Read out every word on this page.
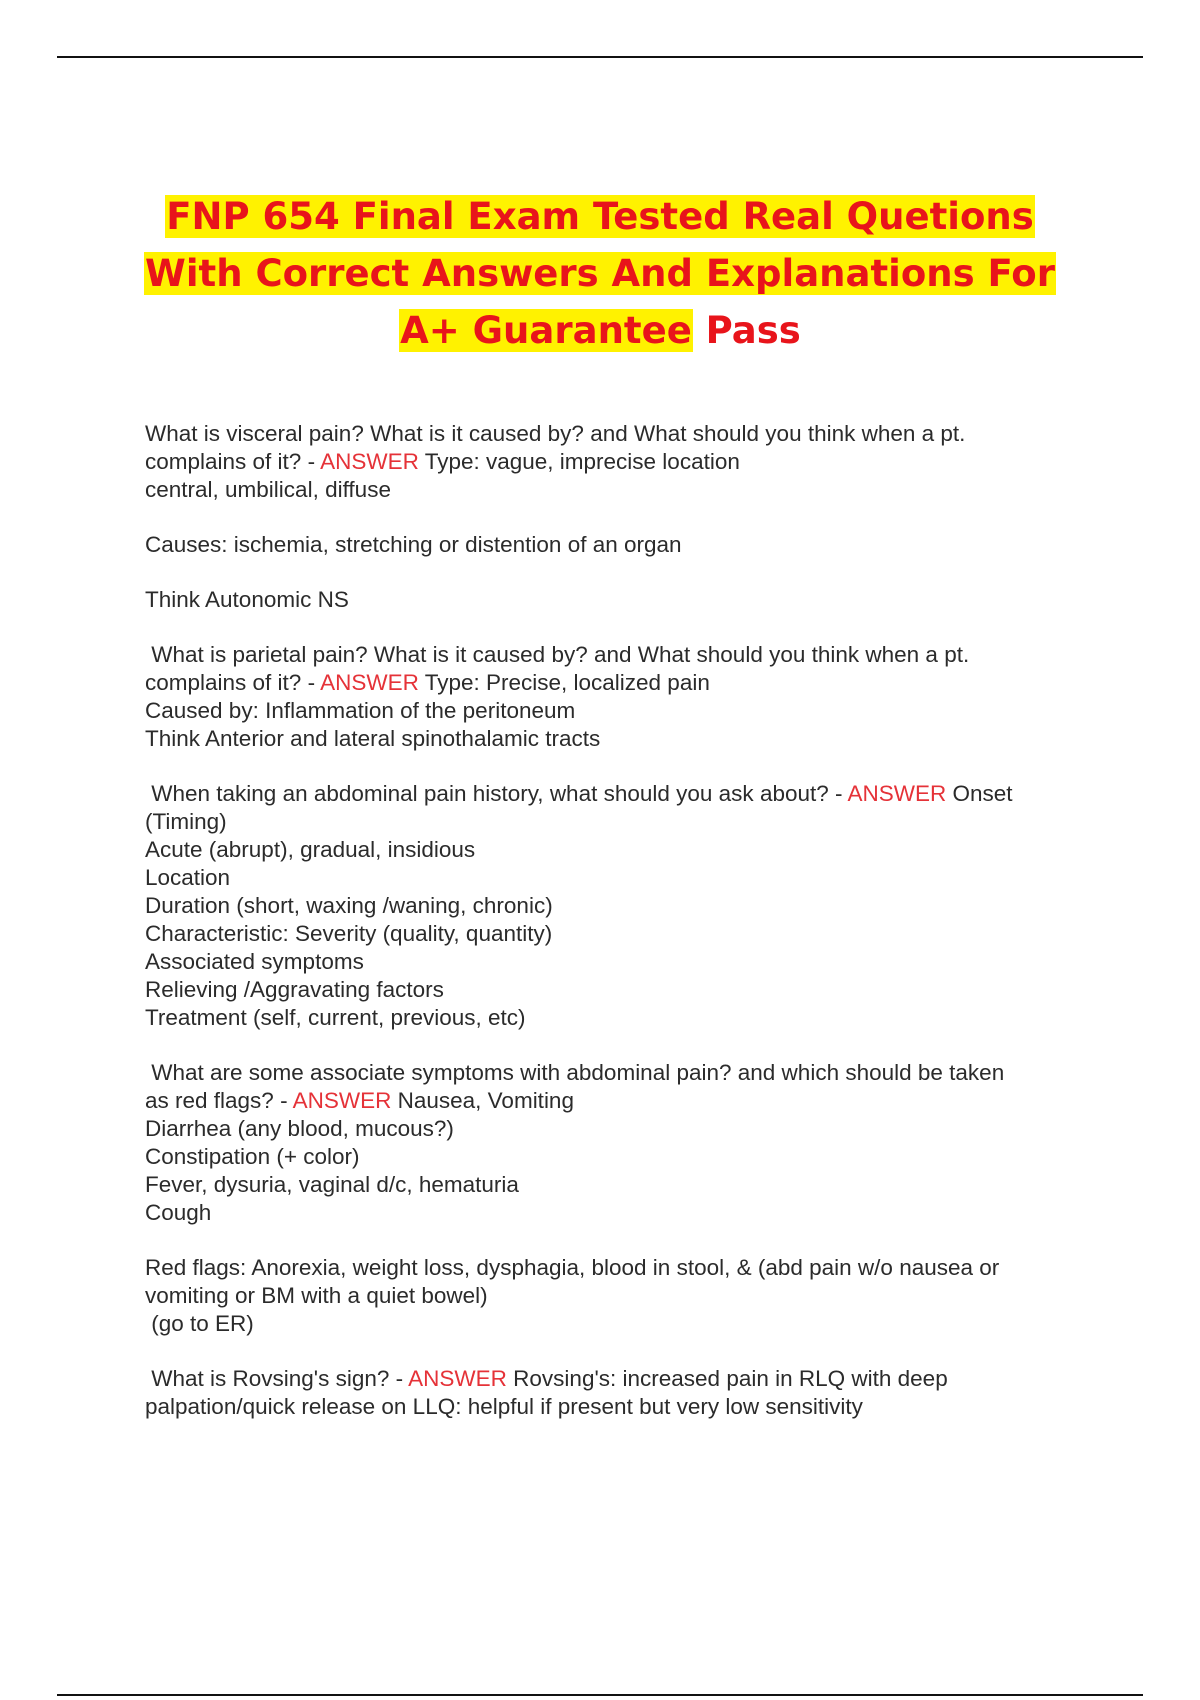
FNP 654 Final Exam Tested Real Quetions
With Correct Answers And Explanations For
A+ Guarantee Pass
What is visceral pain? What is it caused by? and What should you think when a pt.
complains of it? - ANSWER Type: vague, imprecise location
central, umbilical, diffuse
Causes: ischemia, stretching or distention of an organ
Think Autonomic NS
What is parietal pain? What is it caused by? and What should you think when a pt.
complains of it? - ANSWER Type: Precise, localized pain
Caused by: Inflammation of the peritoneum
Think Anterior and lateral spinothalamic tracts
When taking an abdominal pain history, what should you ask about? - ANSWER Onset
(Timing)
Acute (abrupt), gradual, insidious
Location
Duration (short, waxing /waning, chronic)
Characteristic: Severity (quality, quantity)
Associated symptoms
Relieving /Aggravating factors
Treatment (self, current, previous, etc)
What are some associate symptoms with abdominal pain? and which should be taken
as red flags? - ANSWER Nausea, Vomiting
Diarrhea (any blood, mucous?)
Constipation (+ color)
Fever, dysuria, vaginal d/c, hematuria
Cough
Red flags: Anorexia, weight loss, dysphagia, blood in stool, & (abd pain w/o nausea or
vomiting or BM with a quiet bowel)
(go to ER)
What is Rovsing's sign? - ANSWER Rovsing's: increased pain in RLQ with deep
palpation/quick release on LLQ: helpful if present but very low sensitivity
